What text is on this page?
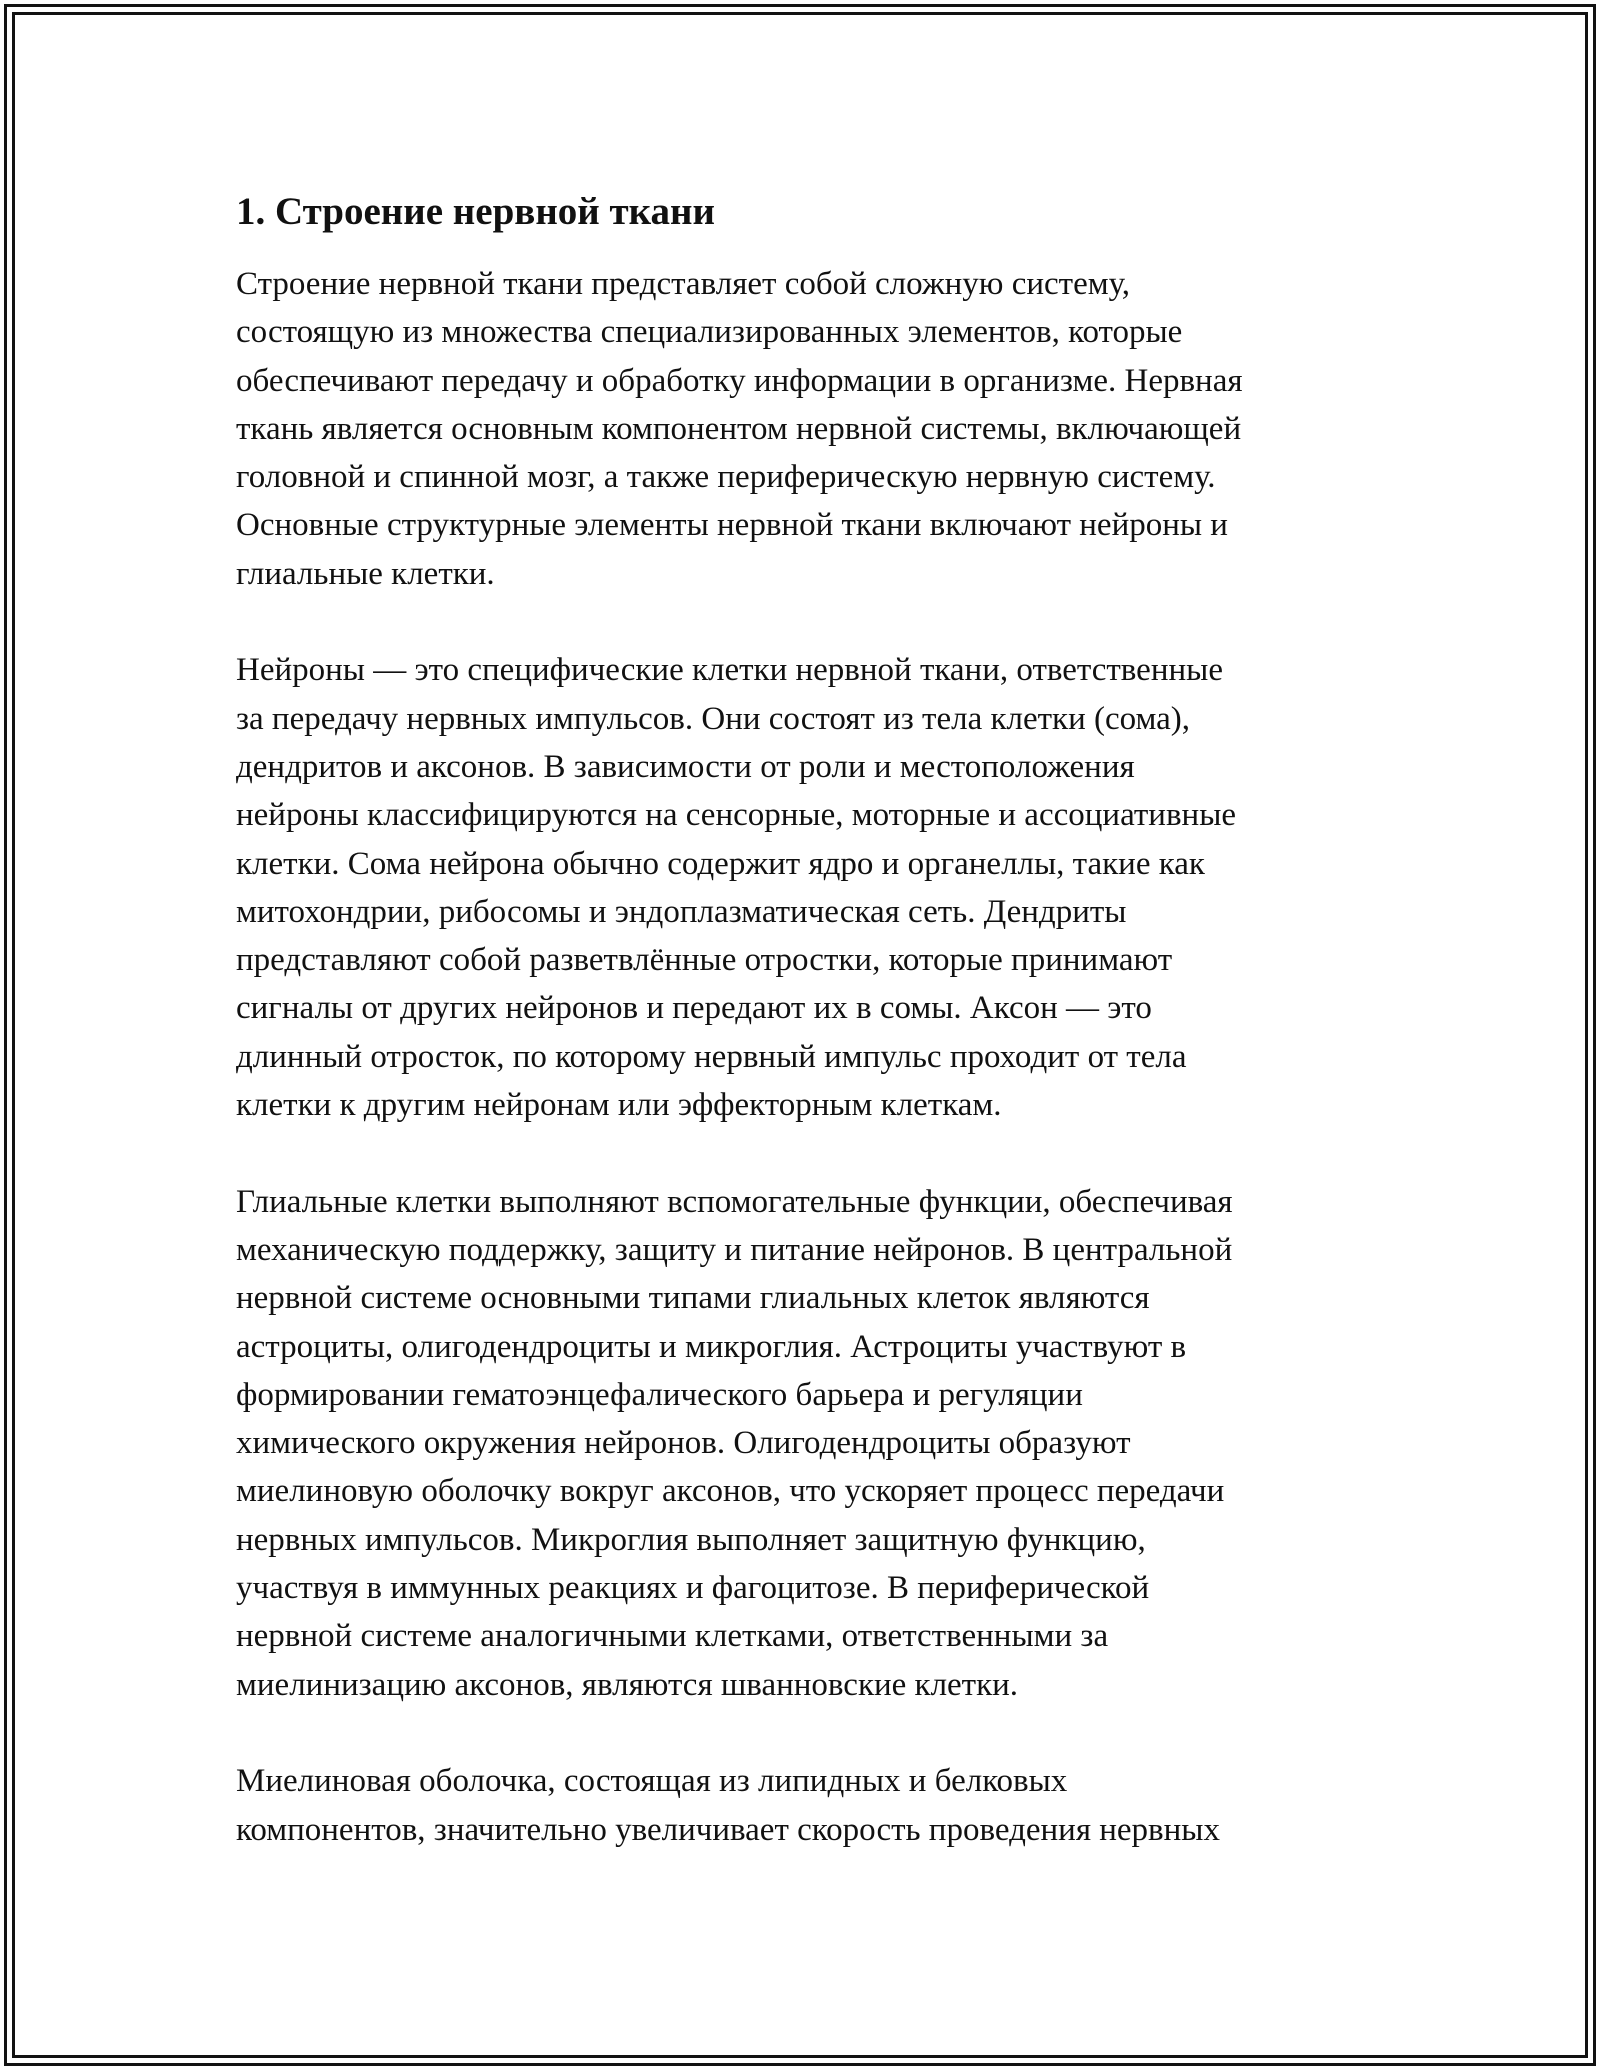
1. Строение нервной ткани
Строение нервной ткани представляет собой сложную систему,
состоящую из множества специализированных элементов, которые
обеспечивают передачу и обработку информации в организме. Нервная
ткань является основным компонентом нервной системы, включающей
головной и спинной мозг, а также периферическую нервную систему.
Основные структурные элементы нервной ткани включают нейроны и
глиальные клетки.
Нейроны — это специфические клетки нервной ткани, ответственные
за передачу нервных импульсов. Они состоят из тела клетки (сома),
дендритов и аксонов. В зависимости от роли и местоположения
нейроны классифицируются на сенсорные, моторные и ассоциативные
клетки. Сома нейрона обычно содержит ядро и органеллы, такие как
митохондрии, рибосомы и эндоплазматическая сеть. Дендриты
представляют собой разветвлённые отростки, которые принимают
сигналы от других нейронов и передают их в сомы. Аксон — это
длинный отросток, по которому нервный импульс проходит от тела
клетки к другим нейронам или эффекторным клеткам.
Глиальные клетки выполняют вспомогательные функции, обеспечивая
механическую поддержку, защиту и питание нейронов. В центральной
нервной системе основными типами глиальных клеток являются
астроциты, олигодендроциты и микроглия. Астроциты участвуют в
формировании гематоэнцефалического барьера и регуляции
химического окружения нейронов. Олигодендроциты образуют
миелиновую оболочку вокруг аксонов, что ускоряет процесс передачи
нервных импульсов. Микроглия выполняет защитную функцию,
участвуя в иммунных реакциях и фагоцитозе. В периферической
нервной системе аналогичными клетками, ответственными за
миелинизацию аксонов, являются шванновские клетки.
Миелиновая оболочка, состоящая из липидных и белковых
компонентов, значительно увеличивает скорость проведения нервных
